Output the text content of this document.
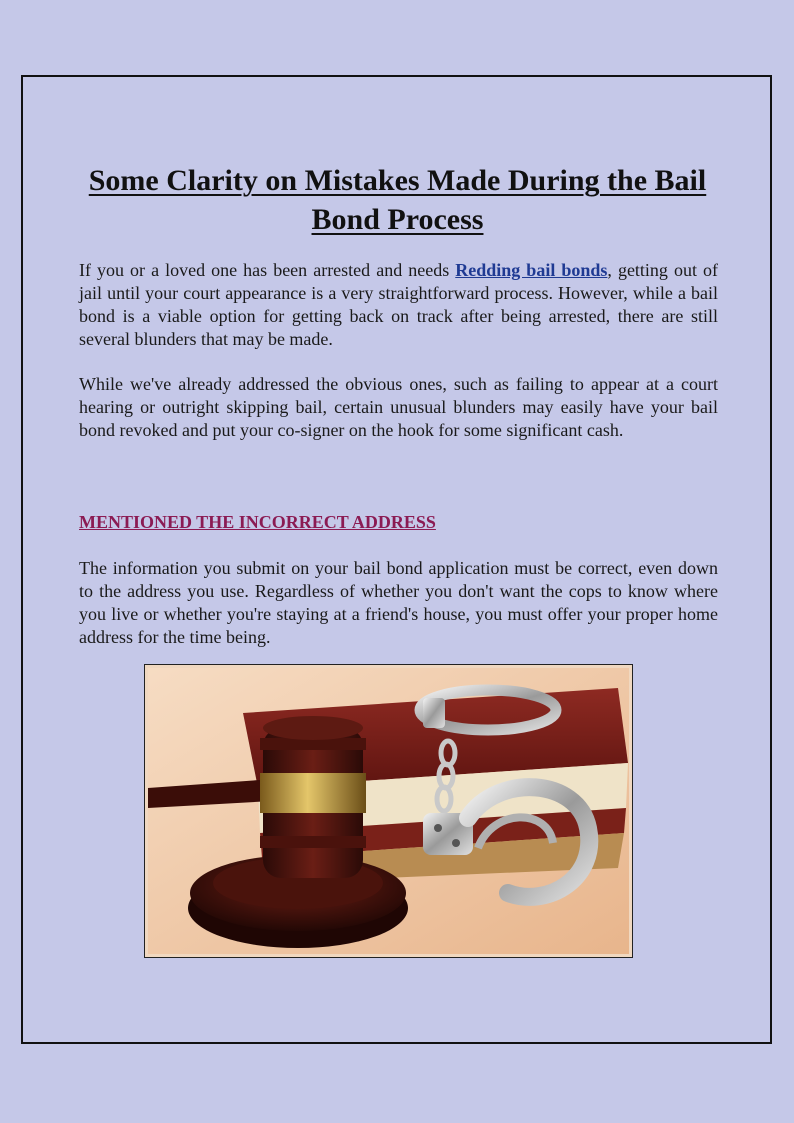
Some Clarity on Mistakes Made During the Bail Bond Process

If you or a loved one has been arrested and needs Redding bail bonds, getting out of jail until your court appearance is a very straightforward process. However, while a bail bond is a viable option for getting back on track after being arrested, there are still several blunders that may be made.

While we've already addressed the obvious ones, such as failing to appear at a court hearing or outright skipping bail, certain unusual blunders may easily have your bail bond revoked and put your co-signer on the hook for some significant cash.

MENTIONED THE INCORRECT ADDRESS

The information you submit on your bail bond application must be correct, even down to the address you use. Regardless of whether you don't want the cops to know where you live or whether you're staying at a friend's house, you must offer your proper home address for the time being.
